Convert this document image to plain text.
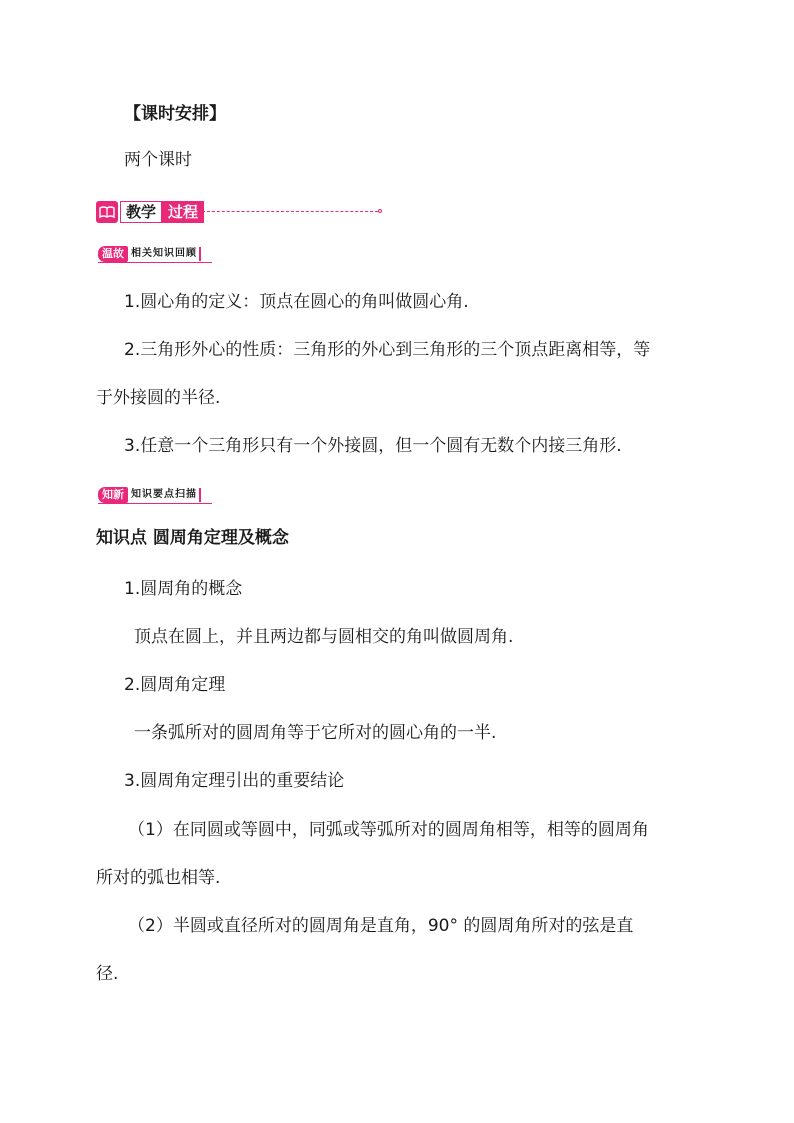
【课时安排】
两个课时
教学 过程
温故 相关知识回顾
1.圆心角的定义：顶点在圆心的角叫做圆心角.
2.三角形外心的性质：三角形的外心到三角形的三个顶点距离相等，等
于外接圆的半径.
3.任意一个三角形只有一个外接圆，但一个圆有无数个内接三角形.
知新 知识要点扫描
知识点 圆周角定理及概念
1.圆周角的概念
顶点在圆上，并且两边都与圆相交的角叫做圆周角.
2.圆周角定理
一条弧所对的圆周角等于它所对的圆心角的一半.
3.圆周角定理引出的重要结论
（1）在同圆或等圆中，同弧或等弧所对的圆周角相等，相等的圆周角
所对的弧也相等.
（2）半圆或直径所对的圆周角是直角，90° 的圆周角所对的弦是直
径.
